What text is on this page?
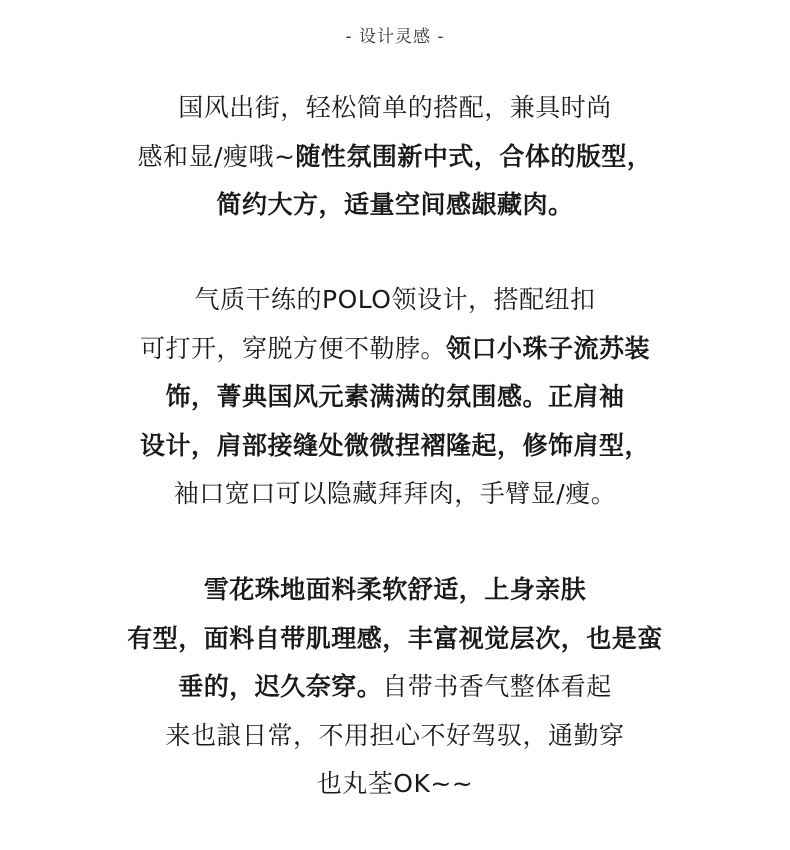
- 设计灵感 -
国风出街，轻松简单的搭配，兼具时尚
感和显/瘦哦~随性氛围新中式，合体的版型，
简约大方，适量空间感龈藏肉。
气质干练的POLO领设计，搭配纽扣
可打开，穿脱方便不勒脖。领口小珠子流苏装
饰，菁典国风元素满满的氛围感。正肩袖
设计，肩部接缝处微微捏褶隆起，修饰肩型，
袖口宽口可以隐藏拜拜肉，手臂显/瘦。
雪花珠地面料柔软舒适，上身亲肤
有型，面料自带肌理感，丰富视觉层次，也是蛮
垂的，迟久奈穿。自带书香气整体看起
来也誏日常，不用担心不好驾驭，通勤穿
也丸荃OK~~
